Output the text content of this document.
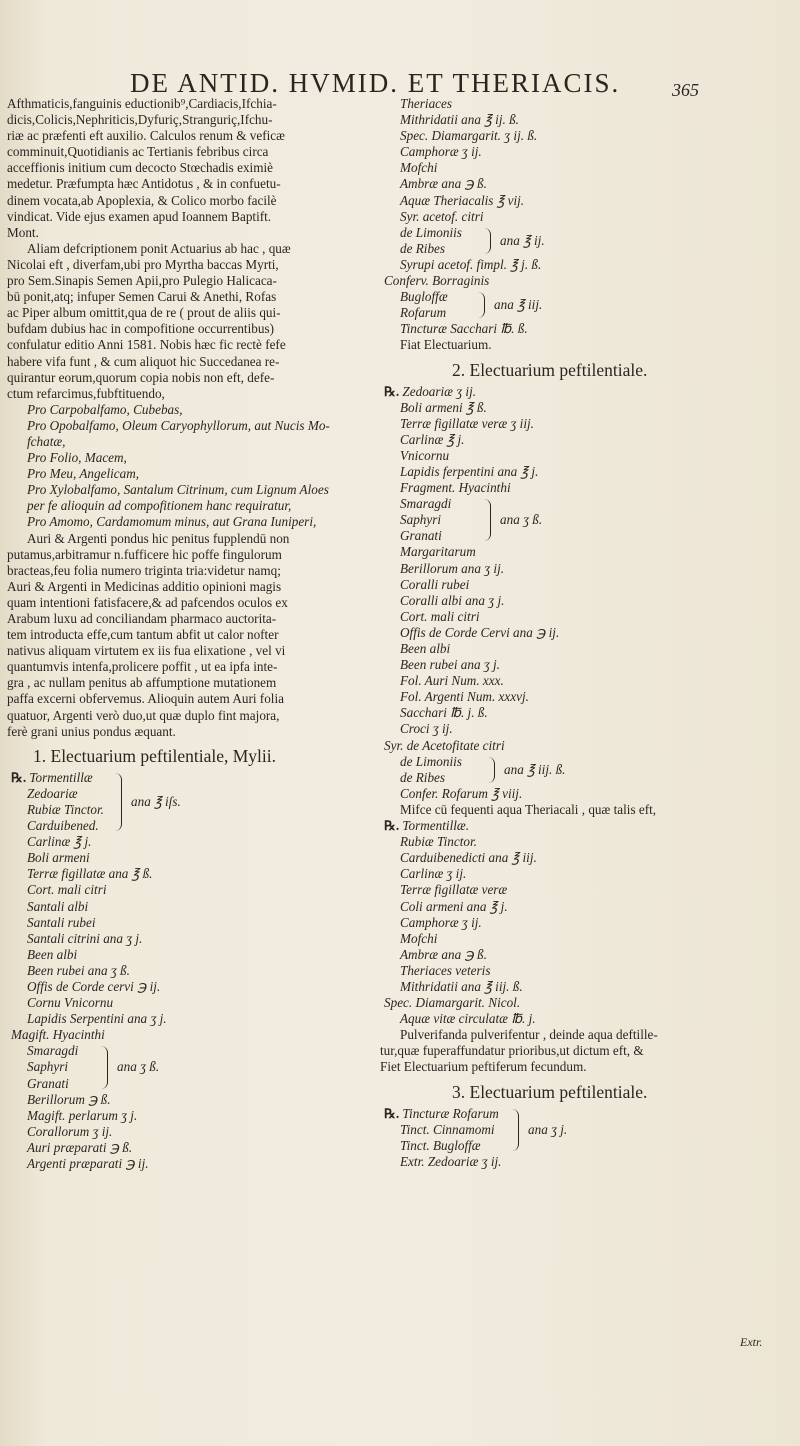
DE ANTID. HVMID. ET THERIACIS.	365
Afthmaticis,fanguinis eductionib⁹,Cardiacis,Ifchia-
dicis,Colicis,Nephriticis,Dyfuriç,Stranguriç,Ifchu-
riæ ac præfenti eft auxilio. Calculos renum & veficæ
comminuit,Quotidianis ac Tertianis febribus circa
acceffionis initium cum decocto Stœchadis eximiè
medetur. Præfumpta hæc Antidotus , & in confuetu-
dinem vocata,ab Apoplexia, & Colico morbo facilè
vindicat. Vide ejus examen apud Ioannem Baptift.
Mont.
Aliam defcriptionem ponit Actuarius ab hac , quæ
Nicolai eft , diverfam,ubi pro Myrtha baccas Myrti,
pro Sem.Sinapis Semen Apii,pro Pulegio Halicaca-
bū ponit,atq; infuper Semen Carui & Anethi, Rofas
ac Piper album omittit,qua de re ( prout de aliis qui-
bufdam dubius hac in compofitione occurrentibus)
confulatur editio Anni 1581. Nobis hæc fic rectè fefe
habere vifa funt , & cum aliquot hic Succedanea re-
quirantur eorum,quorum copia nobis non eft, defe-
ctum refarcimus,fubftituendo,
Pro Carpobalfamo, Cubebas,
Pro Opobalfamo, Oleum Caryophyllorum, aut Nucis Mo-
fchatæ,
Pro Folio, Macem,
Pro Meu, Angelicam,
Pro Xylobalfamo, Santalum Citrinum, cum Lignum Aloes
per fe alioquin ad compofitionem hanc requiratur,
Pro Amomo, Cardamomum minus, aut Grana Iuniperi,
Auri & Argenti pondus hic penitus fupplendū non
putamus,arbitramur n.fufficere hic poffe fingulorum
bracteas,feu folia numero triginta tria:videtur namq;
Auri & Argenti in Medicinas additio opinioni magis
quam intentioni fatisfacere,& ad pafcendos oculos ex
Arabum luxu ad conciliandam pharmaco auctorita-
tem introducta effe,cum tantum abfit ut calor nofter
nativus aliquam virtutem ex iis fua elixatione , vel vi
quantumvis intenfa,prolicere poffit , ut ea ipfa inte-
gra , ac nullam penitus ab affumptione mutationem
paffa excerni obfervemus. Alioquin autem Auri folia
quatuor, Argenti verò duo,ut quæ duplo fint majora,
ferè grani unius pondus æquant.
1. Electuarium peftilentiale, Mylii.
℞. Tormentillæ
Zedoariæ
Rubiæ Tinctor.
Carduibened.
ana ℥ iſs.
Carlinæ ℥ j.
Boli armeni
Terræ figillatæ ana ℥ ß.
Cort. mali citri
Santali albi
Santali rubei
Santali citrini ana ʒ j.
Been albi
Been rubei ana ʒ ß.
Offis de Corde cervi ℈ ij.
Cornu Vnicornu
Lapidis Serpentini ana ʒ j.
Magift. Hyacinthi
Smaragdi
Saphyri
Granati
ana ʒ ß.
Berillorum ℈ ß.
Magift. perlarum ʒ j.
Corallorum ʒ ij.
Auri præparati ℈ ß.
Argenti præparati ℈ ij.
Theriaces
Mithridatii ana ℥ ij. ß.
Spec. Diamargarit. ʒ ij. ß.
Camphoræ ʒ ij.
Mofchi
Ambræ ana ℈ ß.
Aquæ Theriacalis ℥ vij.
Syr. acetof. citri
de Limoniis
de Ribes
ana ℥ ij.
Syrupi acetof. fimpl. ℥ j. ß.
Conferv. Borraginis
Bugloffæ
Rofarum
ana ℥ iij.
Tincturæ Sacchari ℔. ß.
Fiat Electuarium.
2. Electuarium peftilentiale.
℞. Zedoariæ ʒ ij.
Boli armeni ℥ ß.
Terræ figillatæ veræ ʒ iij.
Carlinæ ℥ j.
Vnicornu
Lapidis ferpentini ana ℥ j.
Fragment. Hyacinthi
Smaragdi
Saphyri
Granati
ana ʒ ß.
Margaritarum
Berillorum ana ʒ ij.
Coralli rubei
Coralli albi ana ʒ j.
Cort. mali citri
Offis de Corde Cervi ana ℈ ij.
Been albi
Been rubei ana ʒ j.
Fol. Auri Num. xxx.
Fol. Argenti Num. xxxvj.
Sacchari ℔. j. ß.
Croci ʒ ij.
Syr. de Acetofitate citri
de Limoniis
de Ribes
ana ℥ iij. ß.
Confer. Rofarum ℥ viij.
Mifce cū fequenti aqua Theriacali , quæ talis eft,
℞. Tormentillæ.
Rubiæ Tinctor.
Carduibenedicti ana ℥ iij.
Carlinæ ʒ ij.
Terræ figillatæ veræ
Coli armeni ana ℥ j.
Camphoræ ʒ ij.
Mofchi
Ambræ ana ℈ ß.
Theriaces veteris
Mithridatii ana ℥ iij. ß.
Spec. Diamargarit. Nicol.
Aquæ vitæ circulatæ ℔. j.
Pulverifanda pulverifentur , deinde aqua deftille-
tur,quæ fuperaffundatur prioribus,ut dictum eft, &
Fiet Electuarium peftiferum fecundum.
3. Electuarium peftilentiale.
℞. Tincturæ Rofarum
Tinct. Cinnamomi
Tinct. Bugloffæ
ana ʒ j.
Extr. Zedoariæ ʒ ij.
Extr.
